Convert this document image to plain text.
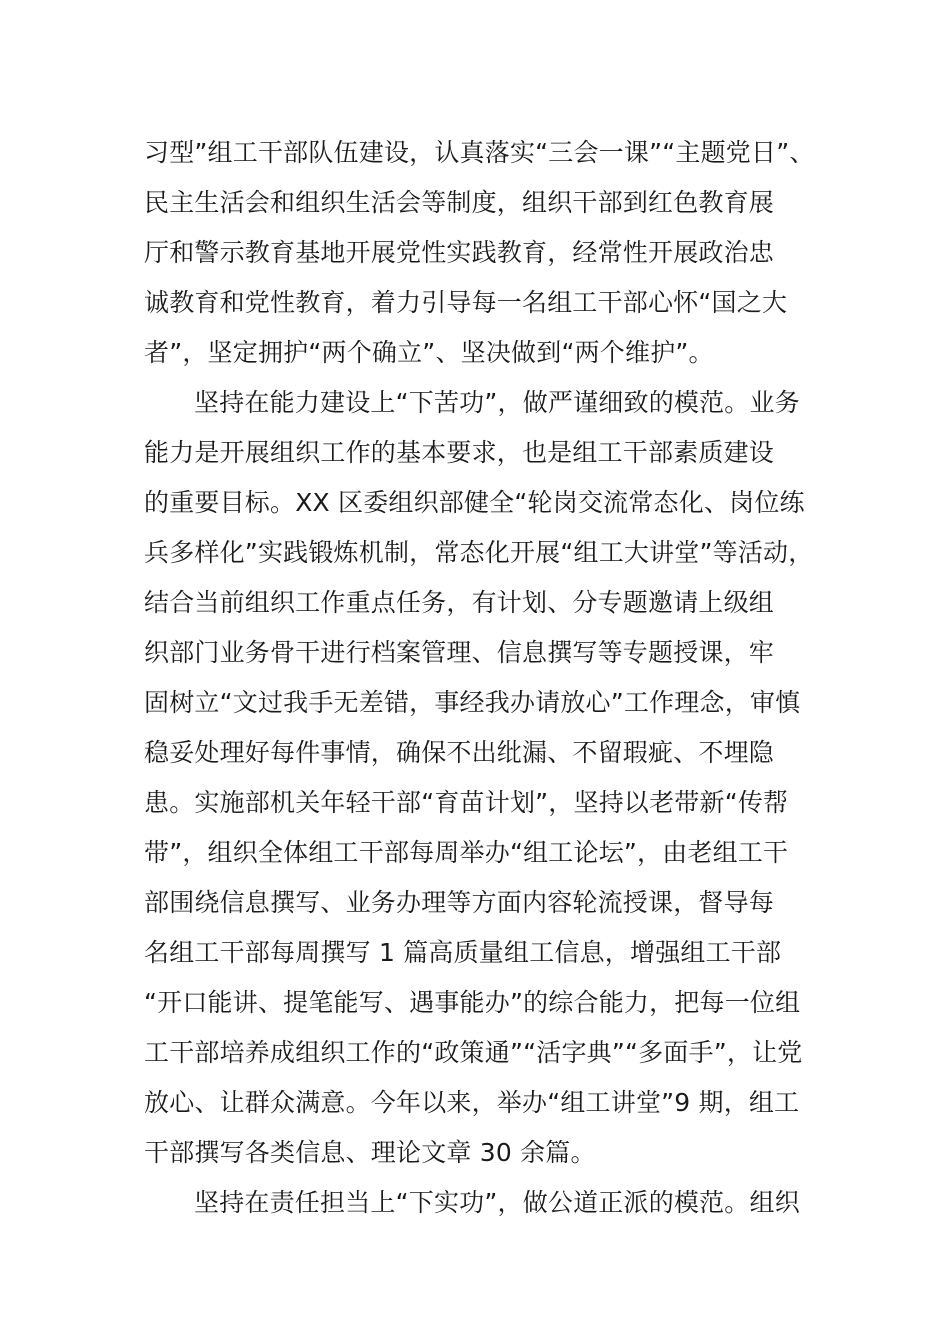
习型”组工干部队伍建设，认真落实“三会一课”“主题党日”、
民主生活会和组织生活会等制度，组织干部到红色教育展
厅和警示教育基地开展党性实践教育，经常性开展政治忠
诚教育和党性教育，着力引导每一名组工干部心怀“国之大
者”，坚定拥护“两个确立”、坚决做到“两个维护”。
坚持在能力建设上“下苦功”，做严谨细致的模范。业务
能力是开展组织工作的基本要求，也是组工干部素质建设
的重要目标。XX 区委组织部健全“轮岗交流常态化、岗位练
兵多样化”实践锻炼机制，常态化开展“组工大讲堂”等活动，
结合当前组织工作重点任务，有计划、分专题邀请上级组
织部门业务骨干进行档案管理、信息撰写等专题授课，牢
固树立“文过我手无差错，事经我办请放心”工作理念，审慎
稳妥处理好每件事情，确保不出纰漏、不留瑕疵、不埋隐
患。实施部机关年轻干部“育苗计划”，坚持以老带新“传帮
带”，组织全体组工干部每周举办“组工论坛”，由老组工干
部围绕信息撰写、业务办理等方面内容轮流授课，督导每
名组工干部每周撰写 1 篇高质量组工信息，增强组工干部
“开口能讲、提笔能写、遇事能办”的综合能力，把每一位组
工干部培养成组织工作的“政策通”“活字典”“多面手”，让党
放心、让群众满意。今年以来，举办“组工讲堂”9 期，组工
干部撰写各类信息、理论文章 30 余篇。
坚持在责任担当上“下实功”，做公道正派的模范。组织
